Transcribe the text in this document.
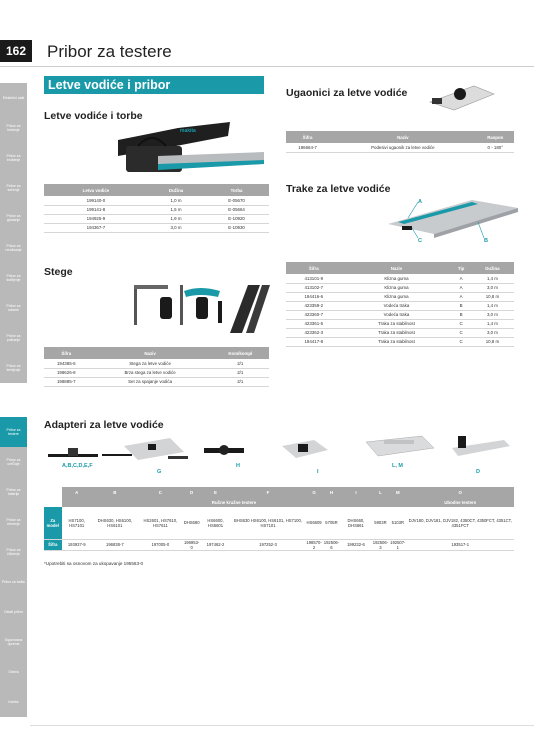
162	Pribor za testere
Električni alati
Pribor za bušenje
Pribor za brušenje
Pribor za sečenje
Pribor za glodanje
Pribor za rendisanje
Pribor za šrafljenje
Pribor za udarne
Pribor za poliranje
Pribor za lemljenje
Pribor za testere
Pribor za ureĎaje
Pribor za baterije
Pribor za merenje
Pribor za čišćenje
Pribor za baštu
Ostali pribor
Sigurnosna oprema
Odeća
Indeks
Letve vodiće i pribor
Letve vodiće i torbe
makita
Letva vodiće	Dužina	Torba
199140-0	1,0 m	E-05670
199141-8	1,5 m	E-05664
194925-9	1,9 m	E-10920
194367-7	3,0 m	E-10930
Stege
Šifra	Naziv	Kom/kompl
194385-5	Stega za letve vodiće	2/1
198626-8	Brza stega za letve vodiće	2/1
198885-7	Set za spajanje vodića	2/1
Ugaonici za letve vodiće
Šifra	Naziv	Raspon
196664-7	Podesivi ugaonik za letve vodiće	0 - 180°
Trake za letve vodiće
A
B
C
Šifra	Naziv	Tip	Dužina
413101-9	Klizna guma	A	1,4 m
413102-7	Klizna guma	A	3,0 m
194416-6	Klizna guma	A	10,8 m
423359-2	Vodeća traka	B	1,4 m
423360-7	Vodeća traka	B	3,0 m
423361-5	Traka za stabilnost	C	1,4 m
423362-3	Traka za stabilnost	C	3,0 m
194417-8	Traka za stabilnost	C	10,8 m
Adapteri za letve vodiće
A,B,C,D,E,F
G
H
I
L, M
D
	A	B	C	D	E	F	G	H	I	L	M	O
	Ručne kružne testere											Ubodne testere
Za model	HS7100, HS7101	DHS630, HS6100, HS6101	HS2601, HS7610, HS7611	DHS680	HS6600, HS6601	BHS630 HS6100, HS6101, HS7100, HS7101	HS6609	5705R	DHS660, DHS661	5903R	5103R	DJV180, DJV181, DJV182, 4350CT, 4350FCT, 4351CT, 4351FCT
Šifra	193937-9	196838-7	197005-0	196953-0	197462-2	197252-3	198570-2	192506-6	199232-6	192506-3	192507-1	193517-1
*Upotrebiti sa osnovom za ukopavanje 195563-0
